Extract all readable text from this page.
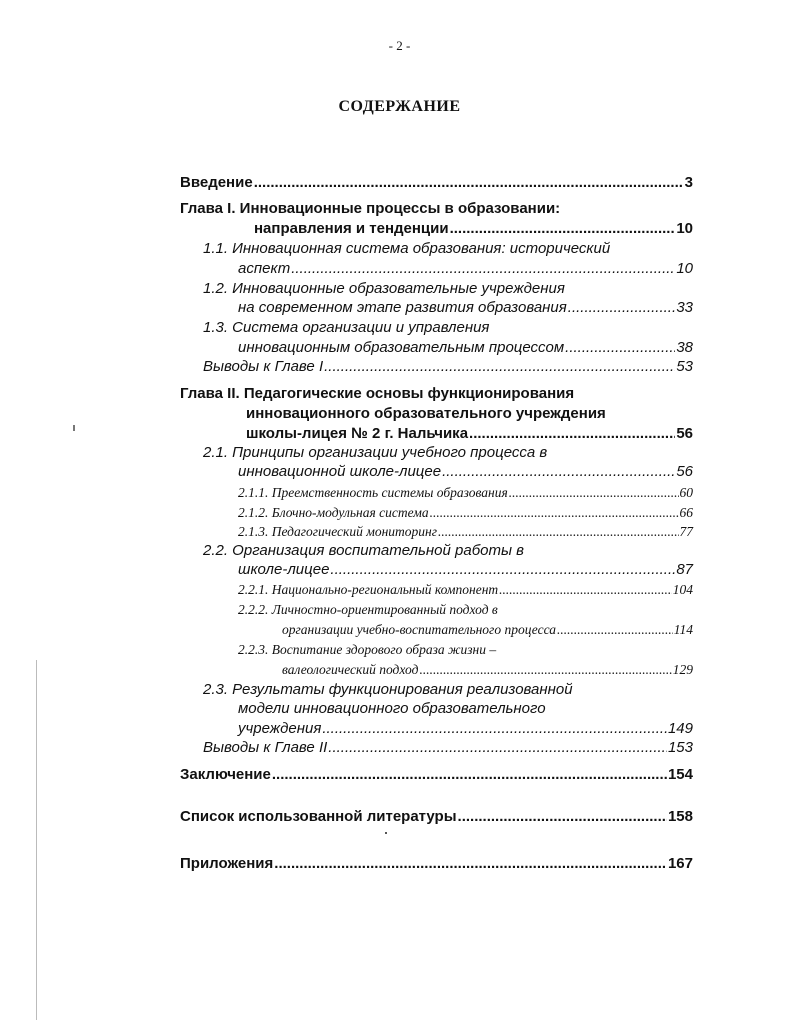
- 2 -
СОДЕРЖАНИЕ
Введение .....	3
Глава I. Инновационные процессы в образовании:
направления и тенденции .....	10
1.1. Инновационная система образования: исторический
аспект .....	10
1.2. Инновационные образовательные учреждения
на современном этапе развития образования .....	33
1.3. Система организации и управления
инновационным образовательным процессом .....	38
Выводы к Главе I .....	53
Глава II. Педагогические основы функционирования
инновационного образовательного учреждения
школы-лицея № 2 г. Нальчика .....	56
2.1. Принципы организации учебного процесса в
инновационной школе-лицее .....	56
2.1.1. Преемственность системы образования .....	60
2.1.2. Блочно-модульная система .....	66
2.1.3. Педагогический мониторинг .....	77
2.2. Организация воспитательной работы в
школе-лицее .....	87
2.2.1. Национально-региональный компонент .....	104
2.2.2. Личностно-ориентированный подход в
организации учебно-воспитательного процесса .....	114
2.2.3. Воспитание здорового образа жизни –
валеологический подход .....	129
2.3. Результаты функционирования реализованной
модели инновационного образовательного
учреждения .....	149
Выводы к Главе II .....	153
Заключение .....	154
Список использованной литературы .....	158
Приложения .....	167
